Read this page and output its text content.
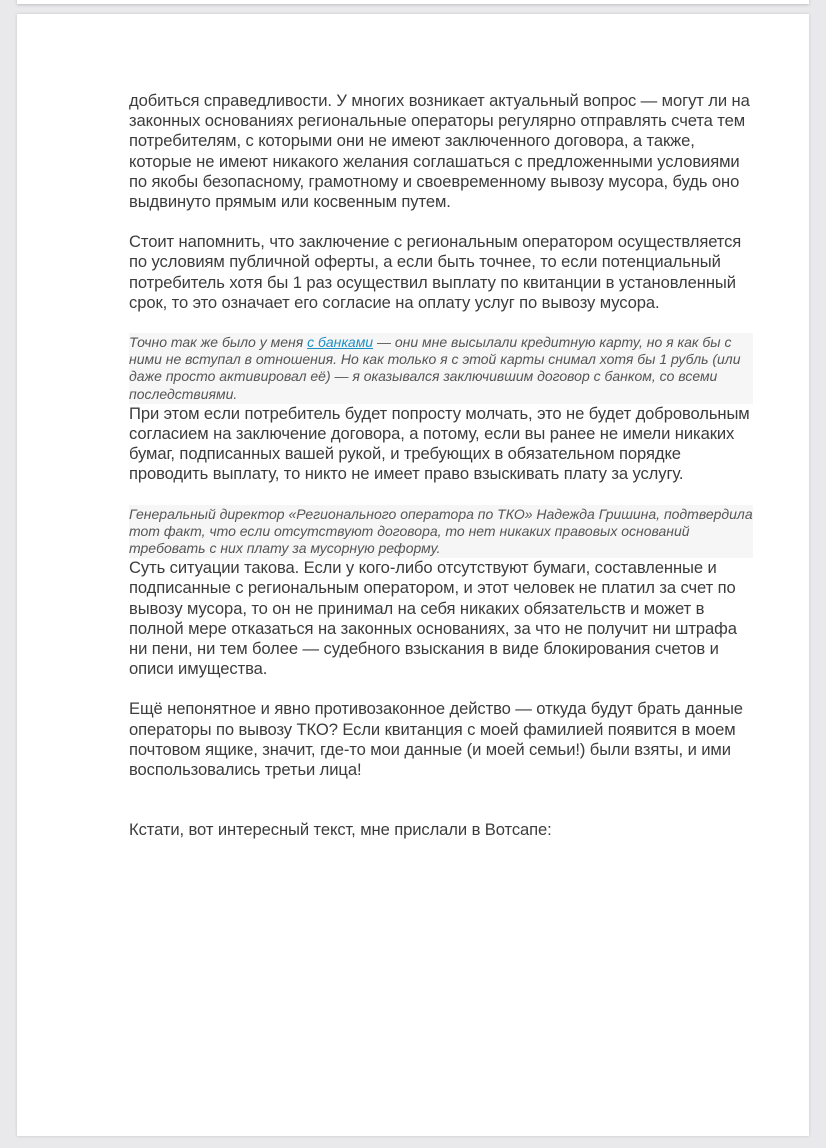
добиться справедливости. У многих возникает актуальный вопрос — могут ли на законных основаниях региональные операторы регулярно отправлять счета тем потребителям, с которыми они не имеют заключенного договора, а также, которые не имеют никакого желания соглашаться с предложенными условиями по якобы безопасному, грамотному и своевременному вывозу мусора, будь оно выдвинуто прямым или косвенным путем.

Стоит напомнить, что заключение с региональным оператором осуществляется по условиям публичной оферты, а если быть точнее, то если потенциальный потребитель хотя бы 1 раз осуществил выплату по квитанции в установленный срок, то это означает его согласие на оплату услуг по вывозу мусора.

Точно так же было у меня с банками — они мне высылали кредитную карту, но я как бы с ними не вступал в отношения. Но как только я с этой карты снимал хотя бы 1 рубль (или даже просто активировал её) — я оказывался заключившим договор с банком, со всеми последствиями.

При этом если потребитель будет попросту молчать, это не будет добровольным согласием на заключение договора, а потому, если вы ранее не имели никаких бумаг, подписанных вашей рукой, и требующих в обязательном порядке проводить выплату, то никто не имеет право взыскивать плату за услугу.

Генеральный директор «Регионального оператора по ТКО» Надежда Гришина, подтвердила тот факт, что если отсутствуют договора, то нет никаких правовых оснований требовать с них плату за мусорную реформу.

Суть ситуации такова. Если у кого-либо отсутствуют бумаги, составленные и подписанные с региональным оператором, и этот человек не платил за счет по вывозу мусора, то он не принимал на себя никаких обязательств и может в полной мере отказаться на законных основаниях, за что не получит ни штрафа ни пени, ни тем более — судебного взыскания в виде блокирования счетов и описи имущества.

Ещё непонятное и явно противозаконное действо — откуда будут брать данные операторы по вывозу ТКО? Если квитанция с моей фамилией появится в моем почтовом ящике, значит, где-то мои данные (и моей семьи!) были взяты, и ими воспользовались третьи лица!

Кстати, вот интересный текст, мне прислали в Вотсапе:
